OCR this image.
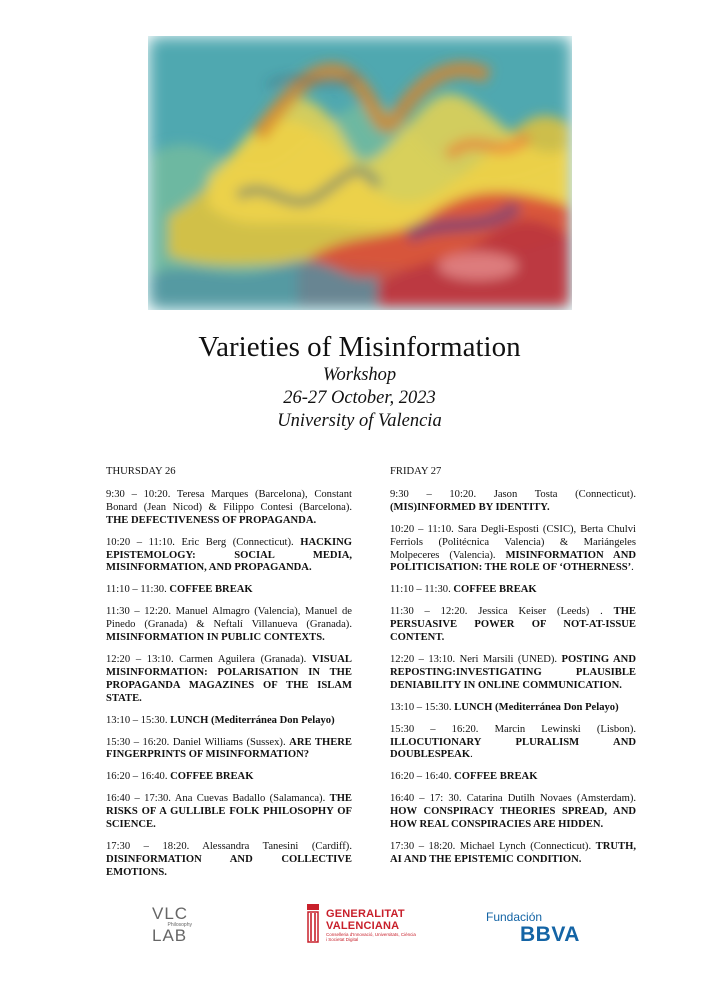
Varieties of Misinformation
Workshop
26-27 October, 2023
University of Valencia
THURSDAY 26
9:30 – 10:20. Teresa Marques (Barcelona), Constant Bonard (Jean Nicod) & Filippo Contesi (Barcelona). THE DEFECTIVENESS OF PROPAGANDA.
10:20 – 11:10. Eric Berg (Connecticut). HACKING EPISTEMOLOGY: SOCIAL MEDIA, MISINFORMATION, AND PROPAGANDA.
11:10 – 11:30. COFFEE BREAK
11:30 – 12:20. Manuel Almagro (Valencia), Manuel de Pinedo (Granada) & Neftalí Villanueva (Granada). MISINFORMATION IN PUBLIC CONTEXTS.
12:20 – 13:10. Carmen Aguilera (Granada). VISUAL MISINFORMATION: POLARISATION IN THE PROPAGANDA MAGAZINES OF THE ISLAM STATE.
13:10 – 15:30. LUNCH (Mediterránea Don Pelayo)
15:30 – 16:20. Daniel Williams (Sussex). ARE THERE FINGERPRINTS OF MISINFORMATION?
16:20 – 16:40. COFFEE BREAK
16:40 – 17:30. Ana Cuevas Badallo (Salamanca). THE RISKS OF A GULLIBLE FOLK PHILOSOPHY OF SCIENCE.
17:30 – 18:20. Alessandra Tanesini (Cardiff). DISINFORMATION AND COLLECTIVE EMOTIONS.
FRIDAY 27
9:30 – 10:20. Jason Tosta (Connecticut). (MIS)INFORMED BY IDENTITY.
10:20 – 11:10. Sara Degli-Esposti (CSIC), Berta Chulvi Ferriols (Politécnica Valencia) & Mariángeles Molpeceres (Valencia). MISINFORMATION AND POLITICISATION: THE ROLE OF ‘OTHERNESS’.
11:10 – 11:30. COFFEE BREAK
11:30 – 12:20. Jessica Keiser (Leeds) . THE PERSUASIVE POWER OF NOT-AT-ISSUE CONTENT.
12:20 – 13:10. Neri Marsili (UNED). POSTING AND REPOSTING:INVESTIGATING PLAUSIBLE DENIABILITY IN ONLINE COMMUNICATION.
13:10 – 15:30. LUNCH (Mediterránea Don Pelayo)
15:30 – 16:20. Marcin Lewinski (Lisbon). ILLOCUTIONARY PLURALISM AND DOUBLESPEAK.
16:20 – 16:40. COFFEE BREAK
16:40 – 17: 30. Catarina Dutilh Novaes (Amsterdam). HOW CONSPIRACY THEORIES SPREAD, AND HOW REAL CONSPIRACIES ARE HIDDEN.
17:30 – 18:20. Michael Lynch (Connecticut). TRUTH, AI AND THE EPISTEMIC CONDITION.
VLC
Philosophy
LAB
GENERALITAT
VALENCIANA
Conselleria d'Innovació, Universitats, Ciència i Societat Digital
Fundación
BBVA
